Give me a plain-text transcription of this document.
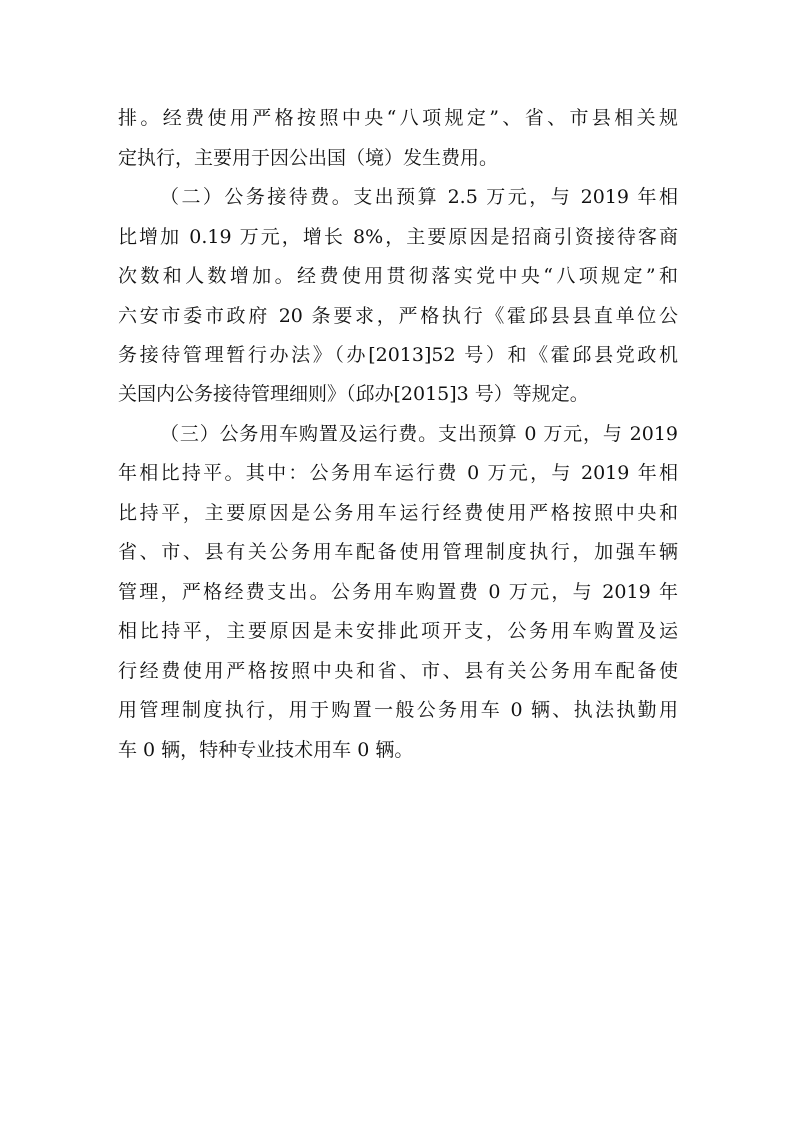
排。经费使用严格按照中央“八项规定”、省、市县相关规

定执行，主要用于因公出国（境）发生费用。

（二）公务接待费。支出预算 2.5 万元，与 2019 年相

比增加 0.19 万元，增长 8%，主要原因是招商引资接待客商

次数和人数增加。经费使用贯彻落实党中央“八项规定”和

六安市委市政府 20 条要求，严格执行《霍邱县县直单位公

务接待管理暂行办法》（办[2013]52 号）和《霍邱县党政机

关国内公务接待管理细则》（邱办[2015]3 号）等规定。

（三）公务用车购置及运行费。支出预算 0 万元，与 2019

年相比持平。其中：公务用车运行费 0 万元，与 2019 年相

比持平，主要原因是公务用车运行经费使用严格按照中央和

省、市、县有关公务用车配备使用管理制度执行，加强车辆

管理，严格经费支出。公务用车购置费 0 万元，与 2019 年

相比持平，主要原因是未安排此项开支，公务用车购置及运

行经费使用严格按照中央和省、市、县有关公务用车配备使

用管理制度执行，用于购置一般公务用车 0 辆、执法执勤用

车 0 辆，特种专业技术用车 0 辆。
